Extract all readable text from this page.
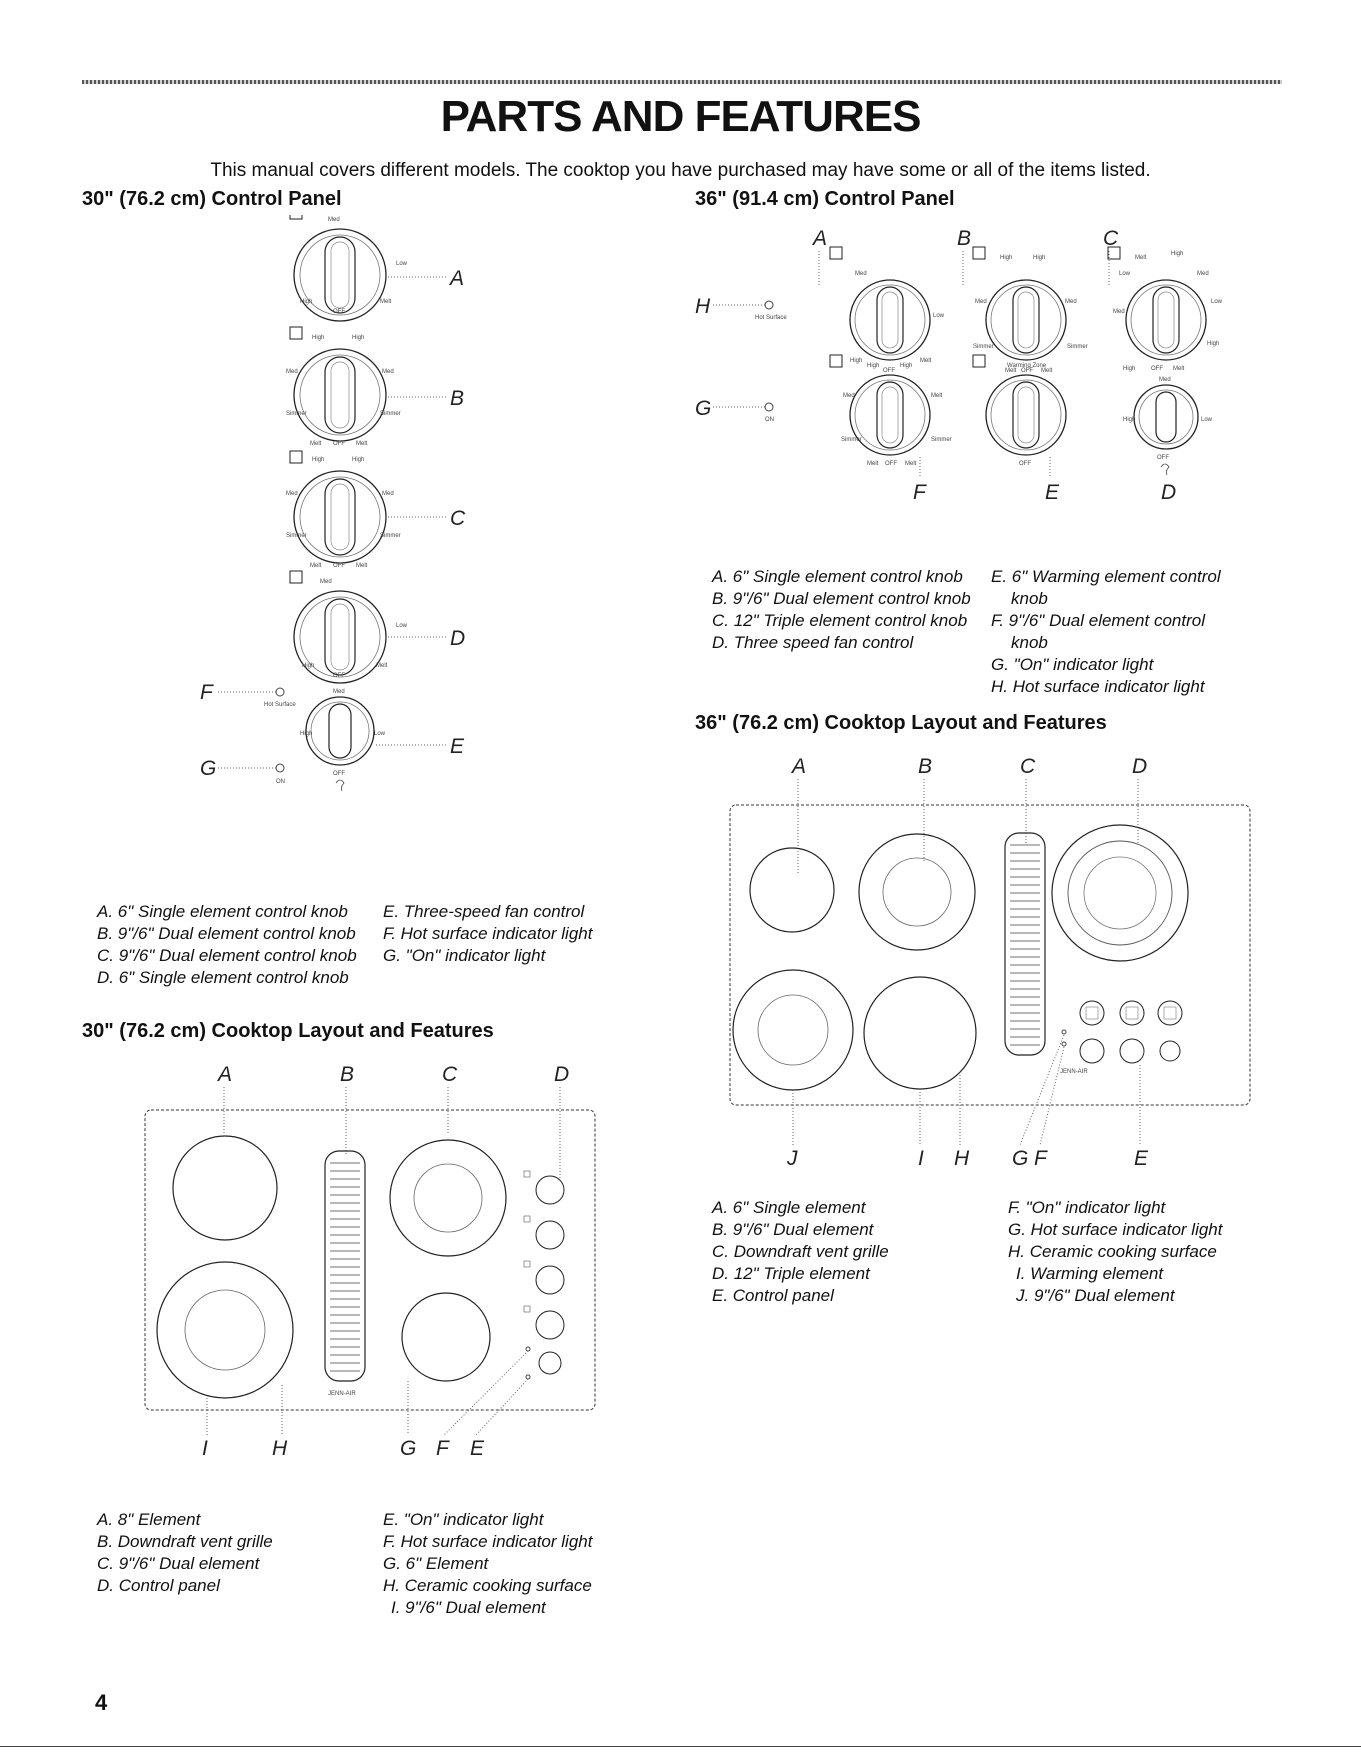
PARTS AND FEATURES
This manual covers different models. The cooktop you have purchased may have some or all of the items listed.
30" (76.2 cm) Control Panel
Med
Low
High	Melt
OFF
A
High	High
Med	Med
Simmer	Simmer
Melt OFF Melt
B
High	High
Med	Med
Simmer	Simmer
Melt OFF Melt
C
Med
Low
High	Melt
OFF
D
Med
High	Low
OFF
E
F
Hot Surface
G
ON
A. 6" Single element control knob
B. 9"/6" Dual element control knob
C. 9"/6" Dual element control knob
D. 6" Single element control knob
E. Three-speed fan control
F. Hot surface indicator light
G. "On" indicator light
36" (91.4 cm) Control Panel
A	B	C
Med
Low
High	Melt
OFF
High	High
Med	Med
Simmer	Simmer
Melt OFF Melt
Melt
High
Low	Med
Med
Low
High
High	OFF Melt
H	Hot Surface
High	High
Med	Melt
Simmer	Simmer
Melt OFF Melt
Warming Zone
OFF
Med
High	Low
OFF
G	ON
F	E	D
A. 6" Single element control knob
B. 9"/6" Dual element control knob
C. 12" Triple element control knob
D. Three speed fan control
E. 6" Warming element control
knob
F. 9"/6" Dual element control
knob
G. "On" indicator light
H. Hot surface indicator light
36" (76.2 cm) Cooktop Layout and Features
A	B	C	D
JENN-AIR
J	I H G F	E
A. 6" Single element
B. 9"/6" Dual element
C. Downdraft vent grille
D. 12" Triple element
E. Control panel
F. "On" indicator light
G. Hot surface indicator light
H. Ceramic cooking surface
I. Warming element
J. 9"/6" Dual element
30" (76.2 cm) Cooktop Layout and Features
A	B	C	D
JENN-AIR
I	H	G F E
A. 8" Element
B. Downdraft vent grille
C. 9"/6" Dual element
D. Control panel
E. "On" indicator light
F. Hot surface indicator light
G. 6" Element
H. Ceramic cooking surface
I. 9"/6" Dual element
4
